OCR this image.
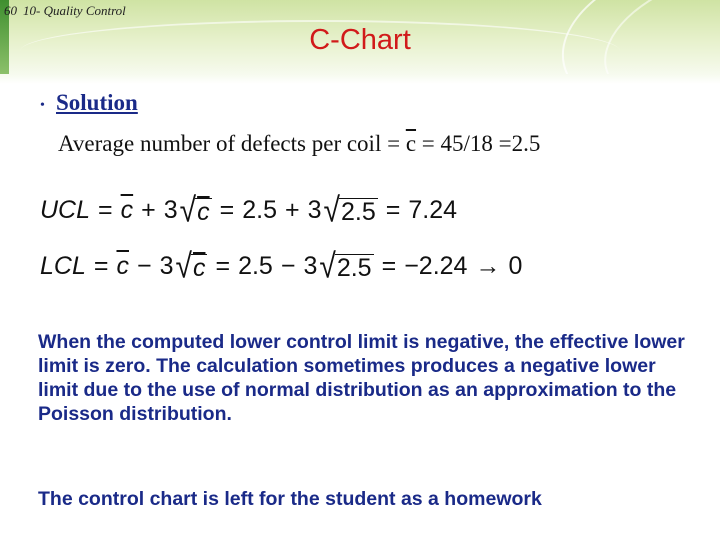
60 10- Quality Control
C-Chart
• Solution
Average number of defects per coil = $\overline{c} = 45/18 =2.5$
UCL = $\overline{c} + 3$ √ c = 2.5 + 3 √ 2.5 = 7.24
LCL = $\overline{c} - 3$ √ c = 2.5 − 3 √ 2.5 = −2.24 → 0
When the computed lower control limit is negative, the effective lower limit is zero. The calculation sometimes produces a negative lower limit due to the use of normal distribution as an approximation to the Poisson distribution.
The control chart is left for the student as a homework
